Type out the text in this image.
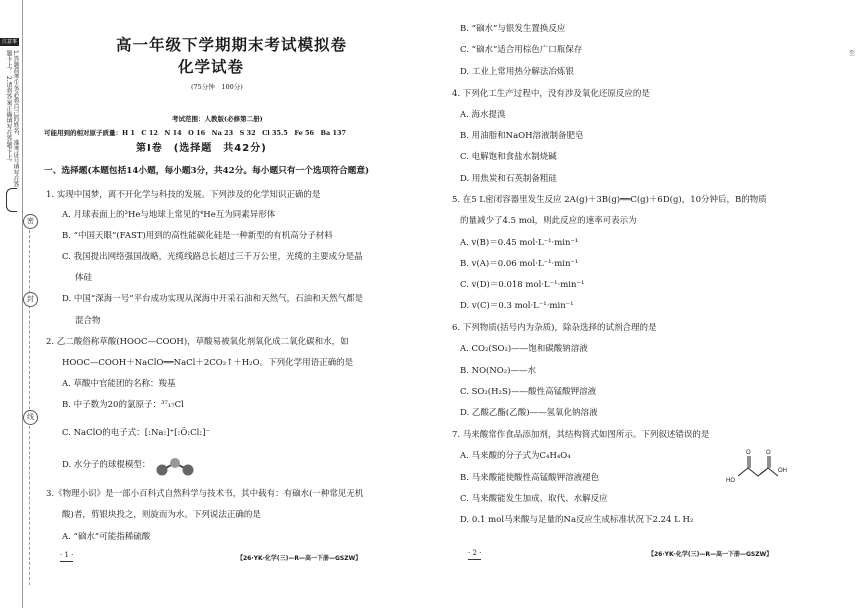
注意事
1.答题前考生务必将自己的姓名、准考证号填写在答题卡上。 2.请将答案正确填写在答题卡上。
密
封
线
至
高一年级下学期期末考试模拟卷
化学试卷
(75分钟　100分)
考试范围：人教版(必修第二册)
可能用到的相对原子质量：H 1　C 12　N 14　O 16　Na 23　S 32　Cl 35.5　Fe 56　Ba 137
第Ⅰ卷　(选择题　共42分)
一、选择题(本题包括14小题，每小题3分，共42分。每小题只有一个选项符合题意)
1. 实现中国梦，离不开化学与科技的发展。下列涉及的化学知识正确的是
A. 月球表面上的³He与地球上常见的⁴He互为同素异形体
B. “中国天眼”(FAST)用到的高性能碳化硅是一种新型的有机高分子材料
C. 我国提出网络强国战略，光缆线路总长超过三千万公里，光缆的主要成分是晶
体硅
D. 中国“深海一号”平台成功实现从深海中开采石油和天然气，石油和天然气都是
混合物
2. 乙二酸俗称草酸(HOOC—COOH)，草酸易被氧化剂氧化成二氧化碳和水，如
HOOC—COOH＋NaClO══NaCl＋2CO₂↑＋H₂O。下列化学用语正确的是
A. 草酸中官能团的名称：羧基
B. 中子数为20的氯原子：³⁷₁₇Cl
C. NaClO的电子式：[:Na:]⁺[:Ö:Cl:]⁻
D. 水分子的球棍模型：
3.《物理小识》是一部小百科式自然科学与技术书，其中载有：有硇水(一种常见无机
酸)者，剪银块投之，则旋而为水。下列说法正确的是
A. “硇水”可能指稀硫酸
· 1 ·	【26·YK·化学(三)—R—高一下册—GSZW】
B. “硇水”与银发生置换反应
C. “硇水”适合用棕色广口瓶保存
D. 工业上常用热分解法冶炼银
4. 下列化工生产过程中，没有涉及氧化还原反应的是
A. 海水提溴
B. 用油脂和NaOH溶液制备肥皂
C. 电解饱和食盐水制烧碱
D. 用焦炭和石英制备粗硅
5. 在5 L密闭容器里发生反应 2A(g)＋3B(g)══C(g)＋6D(g)，10分钟后，B的物质
的量减少了4.5 mol，则此反应的速率可表示为
A. v(B)＝0.45 mol·L⁻¹·min⁻¹
B. v(A)＝0.06 mol·L⁻¹·min⁻¹
C. v(D)＝0.018 mol·L⁻¹·min⁻¹
D. v(C)＝0.3 mol·L⁻¹·min⁻¹
6. 下列物质(括号内为杂质)，除杂选择的试剂合理的是
A. CO₂(SO₂)——饱和碳酸钠溶液
B. NO(NO₂)——水
C. SO₂(H₂S)——酸性高锰酸钾溶液
D. 乙酸乙酯(乙酸)——氢氧化钠溶液
7. 马来酸常作食品添加剂，其结构简式如图所示。下列叙述错误的是
A. 马来酸的分子式为C₄H₄O₄
B. 马来酸能使酸性高锰酸钾溶液褪色
C. 马来酸能发生加成、取代、水解反应
D. 0.1 mol马来酸与足量的Na反应生成标准状况下2.24 L H₂
O	O
HO
OH
· 2 ·	【26·YK·化学(三)—R—高一下册—GSZW】
